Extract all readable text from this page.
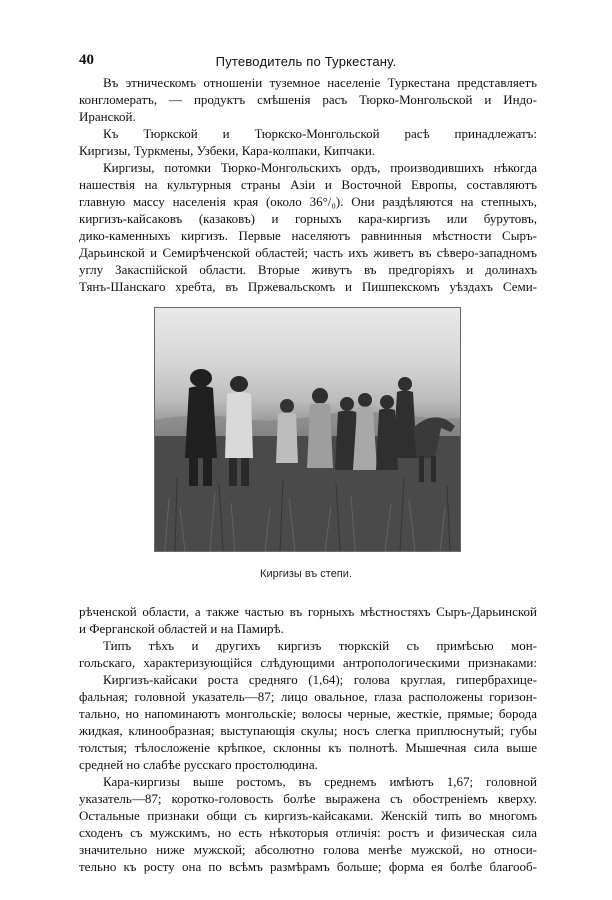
40	Путеводитель по Туркестану.
Въ этническомъ отношеніи туземное населеніе Туркестана представляетъ
конгломератъ, — продуктъ смѣшенія расъ Тюрко-Монгольской и Индо-
Иранской.
Къ Тюркской и Тюркско-Монгольской расѣ принадлежатъ:
Киргизы, Туркмены, Узбеки, Кара-колпаки, Кипчаки.
Киргизы, потомки Тюрко-Монгольскихъ ордъ, производившихъ нѣкогда
нашествія на культурныя страны Азіи и Восточной Европы, составляютъ
главную массу населенія края (около 36°/₀). Они раздѣляются на степныхъ,
киргизъ-кайсаковъ (казаковъ) и горныхъ кара-киргизъ или бурутовъ,
дико-каменныхъ киргизъ. Первые населяютъ равнинныя мѣстности Сыръ-
Дарьинской и Семирѣченской областей; часть ихъ живетъ въ сѣверо-западномъ
углу Закаспійской области. Вторые живутъ въ предгоріяхъ и долинахъ
Тянъ-Шанскаго хребта, въ Пржевальскомъ и Пишпекскомъ уѣздахъ Семи-
Киргизы въ степи.
рѣченской области, а также частью въ горныхъ мѣстностяхъ Сыръ-Дарьинской
и Ферганской областей и на Памирѣ.
Типъ тѣхъ и другихъ киргизъ тюркскій съ примѣсью мон-
гольскаго, характеризующійся слѣдующими антропологическими признаками:
Киргизъ-кайсаки роста средняго (1,64); голова круглая, гипербрахице-
фальная; головной указатель—87; лицо овальное, глаза расположены горизон-
тально, но напоминаютъ монгольскіе; волосы черные, жесткіе, прямые; борода
жидкая, клинообразная; выступающія скулы; носъ слегка приплюснутый; губы
толстыя; тѣлосложеніе крѣпкое, склонны къ полнотѣ. Мышечная сила выше
средней но слабѣе русскаго простолюдина.
Кара-киргизы выше ростомъ, въ среднемъ имѣютъ 1,67; головной
указатель—87; коротко-головость болѣе выражена съ обостреніемъ кверху.
Остальные признаки общи съ киргизъ-кайсаками. Женскій типъ во многомъ
сходенъ съ мужскимъ, но есть нѣкоторыя отличія: ростъ и физическая сила
значительно ниже мужской; абсолютно голова менѣе мужской, но относи-
тельно къ росту она по всѣмъ размѣрамъ больше; форма ея болѣе благооб-
